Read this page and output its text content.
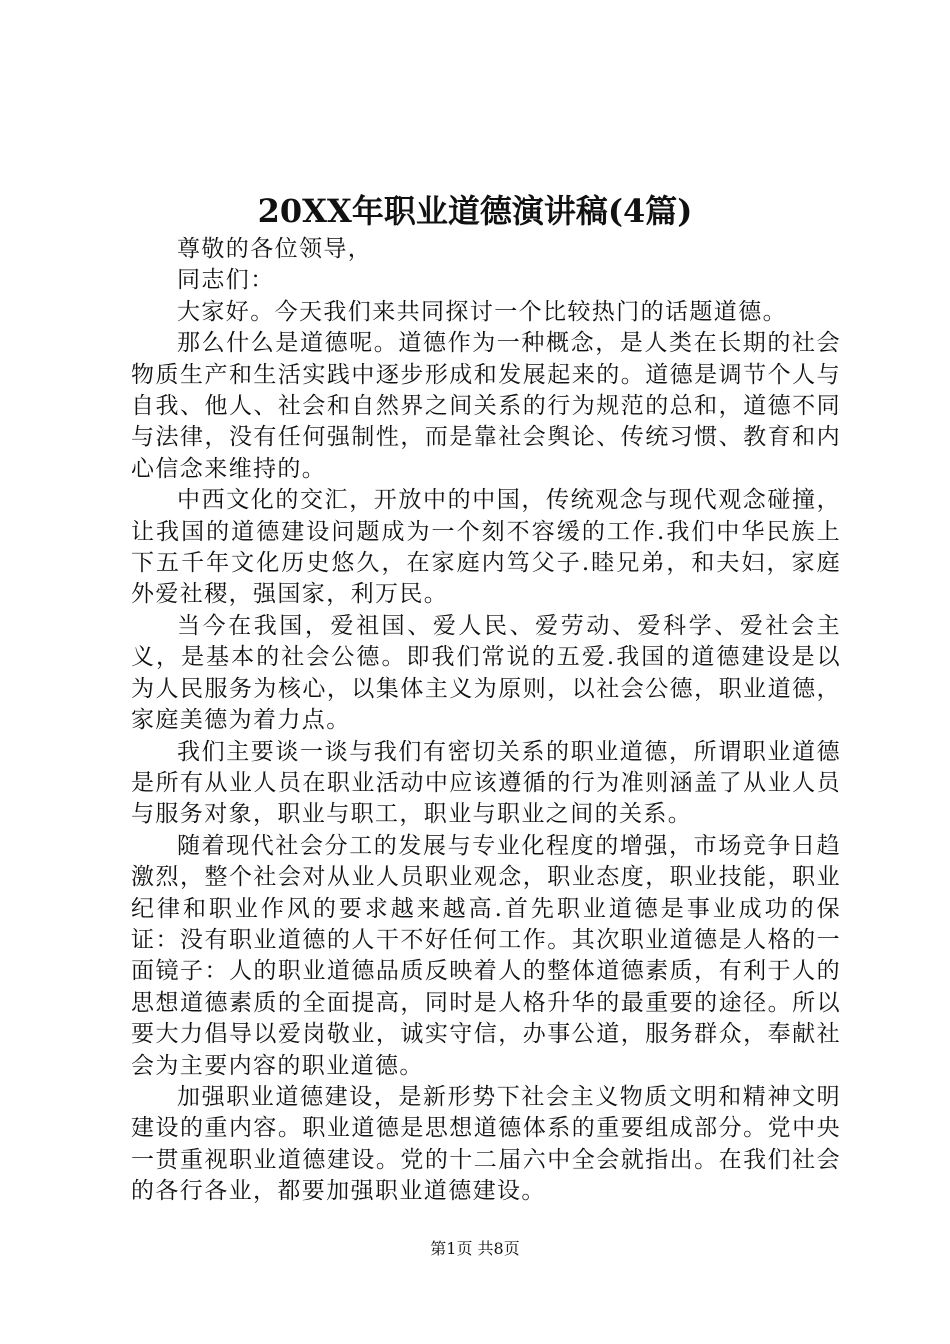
20XX年职业道德演讲稿(4篇)

尊敬的各位领导，

同志们：

大家好。今天我们来共同探讨一个比较热门的话题道德。

那么什么是道德呢。道德作为一种概念，是人类在长期的社会物质生产和生活实践中逐步形成和发展起来的。道德是调节个人与自我、他人、社会和自然界之间关系的行为规范的总和，道德不同与法律，没有任何强制性，而是靠社会舆论、传统习惯、教育和内心信念来维持的。

中西文化的交汇，开放中的中国，传统观念与现代观念碰撞，让我国的道德建设问题成为一个刻不容缓的工作.我们中华民族上下五千年文化历史悠久，在家庭内笃父子.睦兄弟，和夫妇，家庭外爱社稷，强国家，利万民。

当今在我国，爱祖国、爱人民、爱劳动、爱科学、爱社会主义，是基本的社会公德。即我们常说的五爱.我国的道德建设是以为人民服务为核心，以集体主义为原则，以社会公德，职业道德，家庭美德为着力点。

我们主要谈一谈与我们有密切关系的职业道德，所谓职业道德是所有从业人员在职业活动中应该遵循的行为准则涵盖了从业人员与服务对象，职业与职工，职业与职业之间的关系。

随着现代社会分工的发展与专业化程度的增强，市场竞争日趋激烈，整个社会对从业人员职业观念，职业态度，职业技能，职业纪律和职业作风的要求越来越高.首先职业道德是事业成功的保证：没有职业道德的人干不好任何工作。其次职业道德是人格的一面镜子：人的职业道德品质反映着人的整体道德素质，有利于人的思想道德素质的全面提高，同时是人格升华的最重要的途径。所以要大力倡导以爱岗敬业，诚实守信，办事公道，服务群众，奉献社会为主要内容的职业道德。

加强职业道德建设，是新形势下社会主义物质文明和精神文明建设的重内容。职业道德是思想道德体系的重要组成部分。党中央一贯重视职业道德建设。党的十二届六中全会就指出。在我们社会的各行各业，都要加强职业道德建设。

第1页 共8页
